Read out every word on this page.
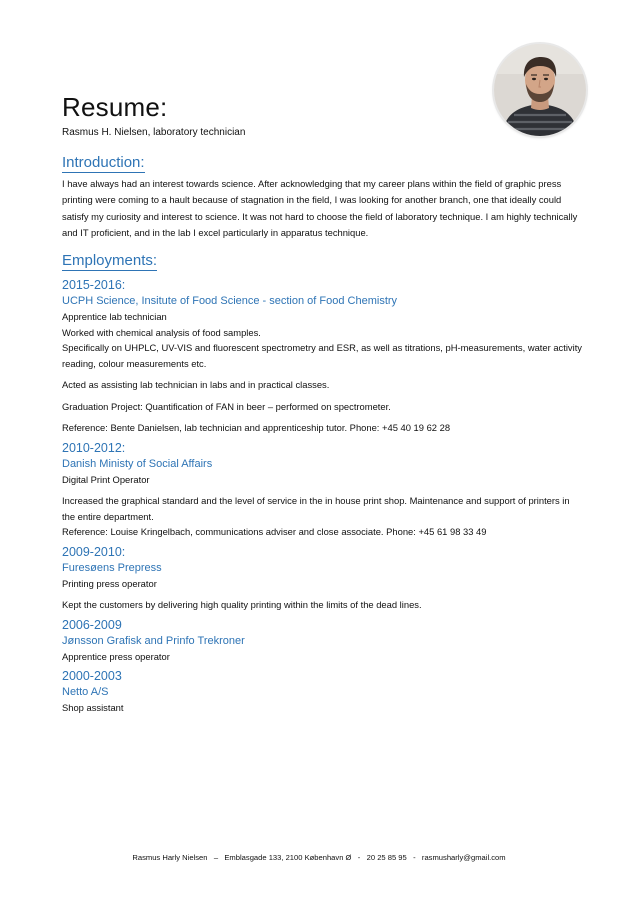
Resume:
Rasmus H. Nielsen, laboratory technician
Introduction:
I have always had an interest towards science. After acknowledging that my career plans within the field of graphic press printing were coming to a hault because of stagnation in the field, I was looking for another branch, one that ideally could satisfy my curiosity and interest to science. It was not hard to choose the field of laboratory technique. I am highly technically and IT proficient, and in the lab I excel particularly in apparatus technique.
Employments:
2015-2016:
UCPH Science, Insitute of Food Science - section of Food Chemistry
Apprentice lab technician
Worked with chemical analysis of food samples.
Specifically on UHPLC, UV-VIS and fluorescent spectrometry and ESR, as well as titrations, pH-measurements, water activity reading, colour measurements etc.
Acted as assisting lab technician in labs and in practical classes.
Graduation Project: Quantification of FAN in beer – performed on spectrometer.
Reference: Bente Danielsen, lab technician and apprenticeship tutor. Phone: +45 40 19 62 28
2010-2012:
Danish Ministy of Social Affairs
Digital Print Operator
Increased the graphical standard and the level of service in the in house print shop. Maintenance and support of printers in the entire department.
Reference: Louise Kringelbach, communications adviser and close associate. Phone: +45 61 98 33 49
2009-2010:
Furesøens Prepress
Printing press operator
Kept the customers by delivering high quality printing within the limits of the dead lines.
2006-2009
Jønsson Grafisk and Prinfo Trekroner
Apprentice press operator
2000-2003
Netto A/S
Shop assistant
Rasmus Harly Nielsen   –   Emblasgade 133, 2100 København Ø   -   20 25 85 95   -   rasmusharly@gmail.com
